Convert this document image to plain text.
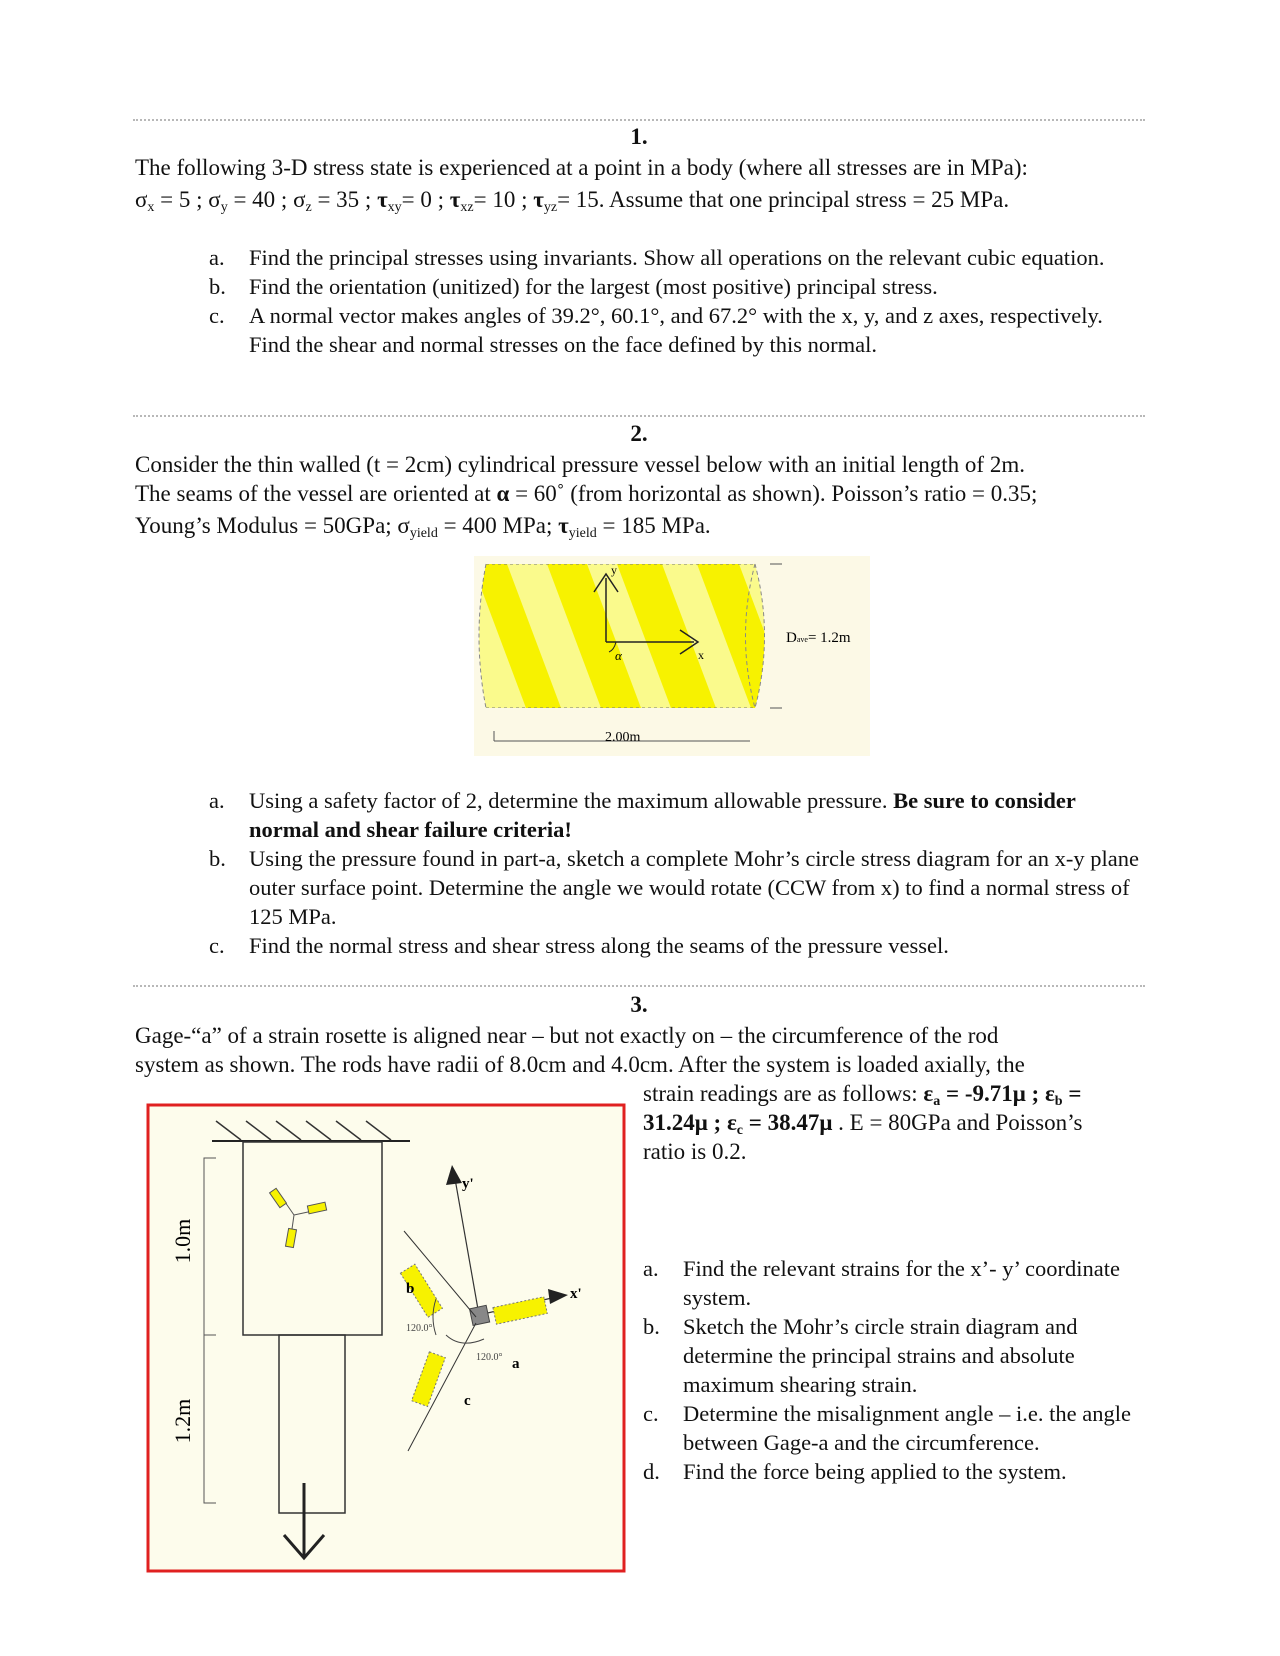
1.
The following 3-D stress state is experienced at a point in a body (where all stresses are in MPa):
$\sigma_x = 5$ ; $\sigma_y = 40$ ; $\sigma_z = 35$ ; $\tau_{xy}= 0$ ; $\tau_{xz}= 10$ ; $\tau_{yz}= 15$. Assume that one principal stress = 25 MPa.
a.	Find the principal stresses using invariants. Show all operations on the relevant cubic equation.
b.	Find the orientation (unitized) for the largest (most positive) principal stress.
c.	A normal vector makes angles of 39.2°, 60.1°, and 67.2° with the x, y, and z axes, respectively. Find the shear and normal stresses on the face defined by this normal.
2.
Consider the thin walled (t = 2cm) cylindrical pressure vessel below with an initial length of 2m.
The seams of the vessel are oriented at α = 60˚ (from horizontal as shown). Poisson’s ratio = 0.35;
Young’s Modulus = 50GPa; $\sigma_{yield} = 400$ MPa; $\tau_{yield} = 185$ MPa.
y
x
α
Dave= 1.2m
2.00m
a.	Using a safety factor of 2, determine the maximum allowable pressure. Be sure to consider normal and shear failure criteria!
b.	Using the pressure found in part-a, sketch a complete Mohr’s circle stress diagram for an x-y plane outer surface point. Determine the angle we would rotate (CCW from x) to find a normal stress of 125 MPa.
c.	Find the normal stress and shear stress along the seams of the pressure vessel.
3.
Gage-“a” of a strain rosette is aligned near – but not exactly on – the circumference of the rod
system as shown. The rods have radii of 8.0cm and 4.0cm. After the system is loaded axially, the
strain readings are as follows: $\varepsilon_a = -9.71\mu$ ; $\varepsilon_b$ =
31.24μ ; $\varepsilon_c = 38.47\mu$ . E = 80GPa and Poisson’s
ratio is 0.2.
1.0m
1.2m
y'
x'
a
b
c
120.0°
120.0°
a.	Find the relevant strains for the x’- y’ coordinate system.
b.	Sketch the Mohr’s circle strain diagram and determine the principal strains and absolute maximum shearing strain.
c.	Determine the misalignment angle – i.e. the angle between Gage-a and the circumference.
d.	Find the force being applied to the system.
